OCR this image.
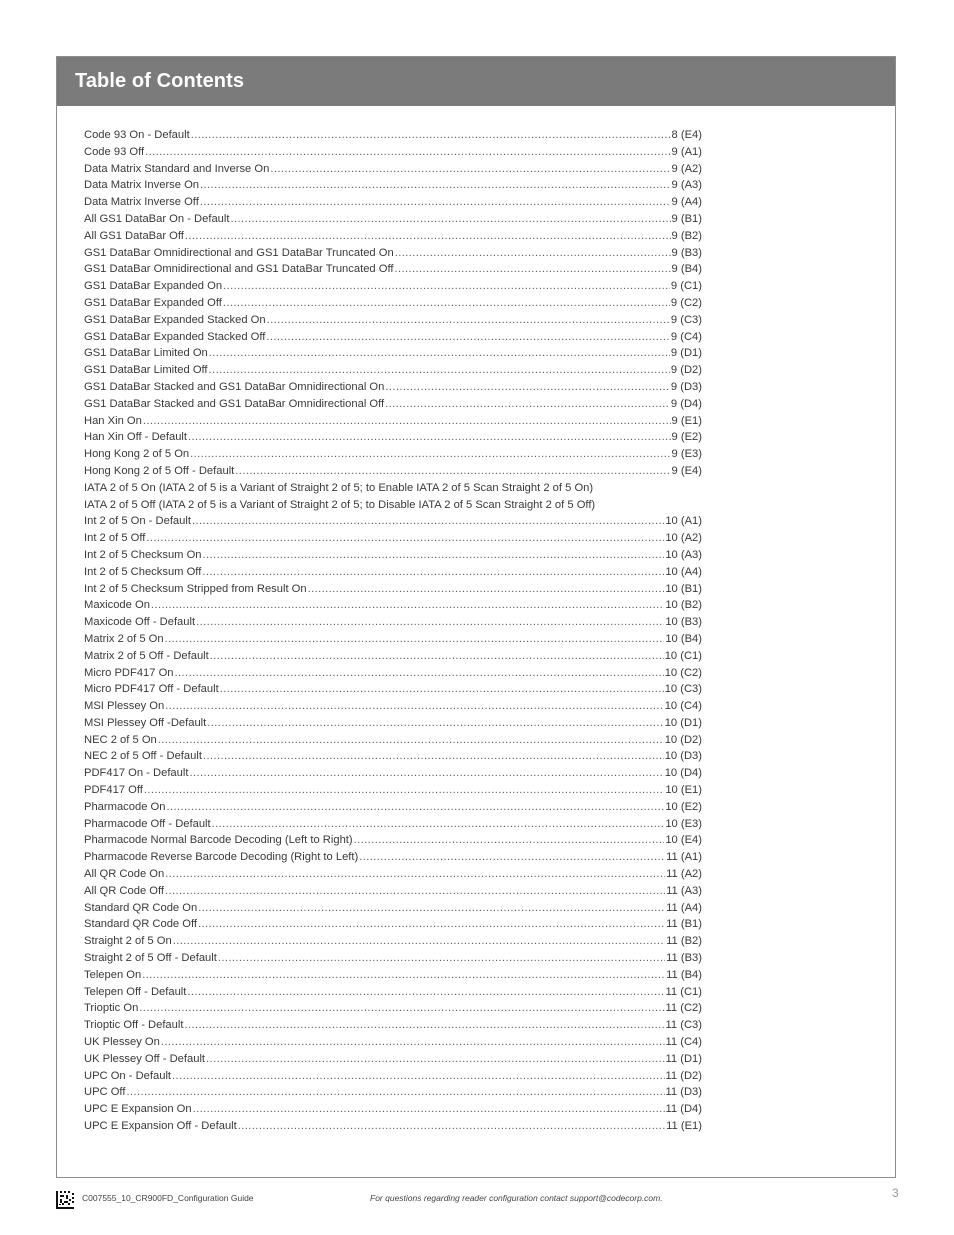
Table of Contents
Code 93 On - Default .....	8 (E4)
Code 93 Off .....	9 (A1)
Data Matrix Standard and Inverse On .....	9 (A2)
Data Matrix Inverse On .....	9 (A3)
Data Matrix Inverse Off .....	9 (A4)
All GS1 DataBar On - Default .....	9 (B1)
All GS1 DataBar Off .....	9 (B2)
GS1 DataBar Omnidirectional and GS1 DataBar Truncated On .....	9 (B3)
GS1 DataBar Omnidirectional and GS1 DataBar Truncated Off .....	9 (B4)
GS1 DataBar Expanded On .....	9 (C1)
GS1 DataBar Expanded Off .....	9 (C2)
GS1 DataBar Expanded Stacked On .....	9 (C3)
GS1 DataBar Expanded Stacked Off .....	9 (C4)
GS1 DataBar Limited On .....	9 (D1)
GS1 DataBar Limited Off .....	9 (D2)
GS1 DataBar Stacked and GS1 DataBar Omnidirectional On .....	9 (D3)
GS1 DataBar Stacked and GS1 DataBar Omnidirectional Off .....	9 (D4)
Han Xin On .....	9 (E1)
Han Xin Off - Default .....	9 (E2)
Hong Kong 2 of 5 On .....	9 (E3)
Hong Kong 2 of 5 Off - Default .....	9 (E4)
IATA 2 of 5 On (IATA 2 of 5 is a Variant of Straight 2 of 5; to Enable IATA 2 of 5 Scan Straight 2 of 5 On)
IATA 2 of 5 Off (IATA 2 of 5 is a Variant of Straight 2 of 5; to Disable IATA 2 of 5 Scan Straight 2 of 5 Off)
Int 2 of 5 On - Default .....	10 (A1)
Int 2 of 5 Off .....	10 (A2)
Int 2 of 5 Checksum On .....	10 (A3)
Int 2 of 5 Checksum Off .....	10 (A4)
Int 2 of 5 Checksum Stripped from Result On .....	10 (B1)
Maxicode On .....	10 (B2)
Maxicode Off - Default .....	10 (B3)
Matrix 2 of 5 On .....	10 (B4)
Matrix 2 of 5 Off - Default .....	10 (C1)
Micro PDF417 On .....	10 (C2)
Micro PDF417 Off - Default .....	10 (C3)
MSI Plessey On .....	10 (C4)
MSI Plessey Off -Default .....	10 (D1)
NEC 2 of 5 On .....	10 (D2)
NEC 2 of 5 Off - Default .....	10 (D3)
PDF417 On - Default .....	10 (D4)
PDF417 Off .....	10 (E1)
Pharmacode On .....	10 (E2)
Pharmacode Off - Default .....	10 (E3)
Pharmacode Normal Barcode Decoding (Left to Right) .....	10 (E4)
Pharmacode Reverse Barcode Decoding (Right to Left) .....	11 (A1)
All QR Code On .....	11 (A2)
All QR Code Off .....	11 (A3)
Standard QR Code On .....	11 (A4)
Standard QR Code Off .....	11 (B1)
Straight 2 of 5 On .....	11 (B2)
Straight 2 of 5 Off - Default .....	11 (B3)
Telepen On .....	11 (B4)
Telepen Off - Default .....	11 (C1)
Trioptic On .....	11 (C2)
Trioptic Off - Default .....	11 (C3)
UK Plessey On .....	11 (C4)
UK Plessey Off - Default .....	11 (D1)
UPC On - Default .....	11 (D2)
UPC Off .....	11 (D3)
UPC E Expansion On .....	11 (D4)
UPC E Expansion Off - Default .....	11 (E1)
C007555_10_CR900FD_Configuration Guide	For questions regarding reader configuration contact support@codecorp.com.	3
